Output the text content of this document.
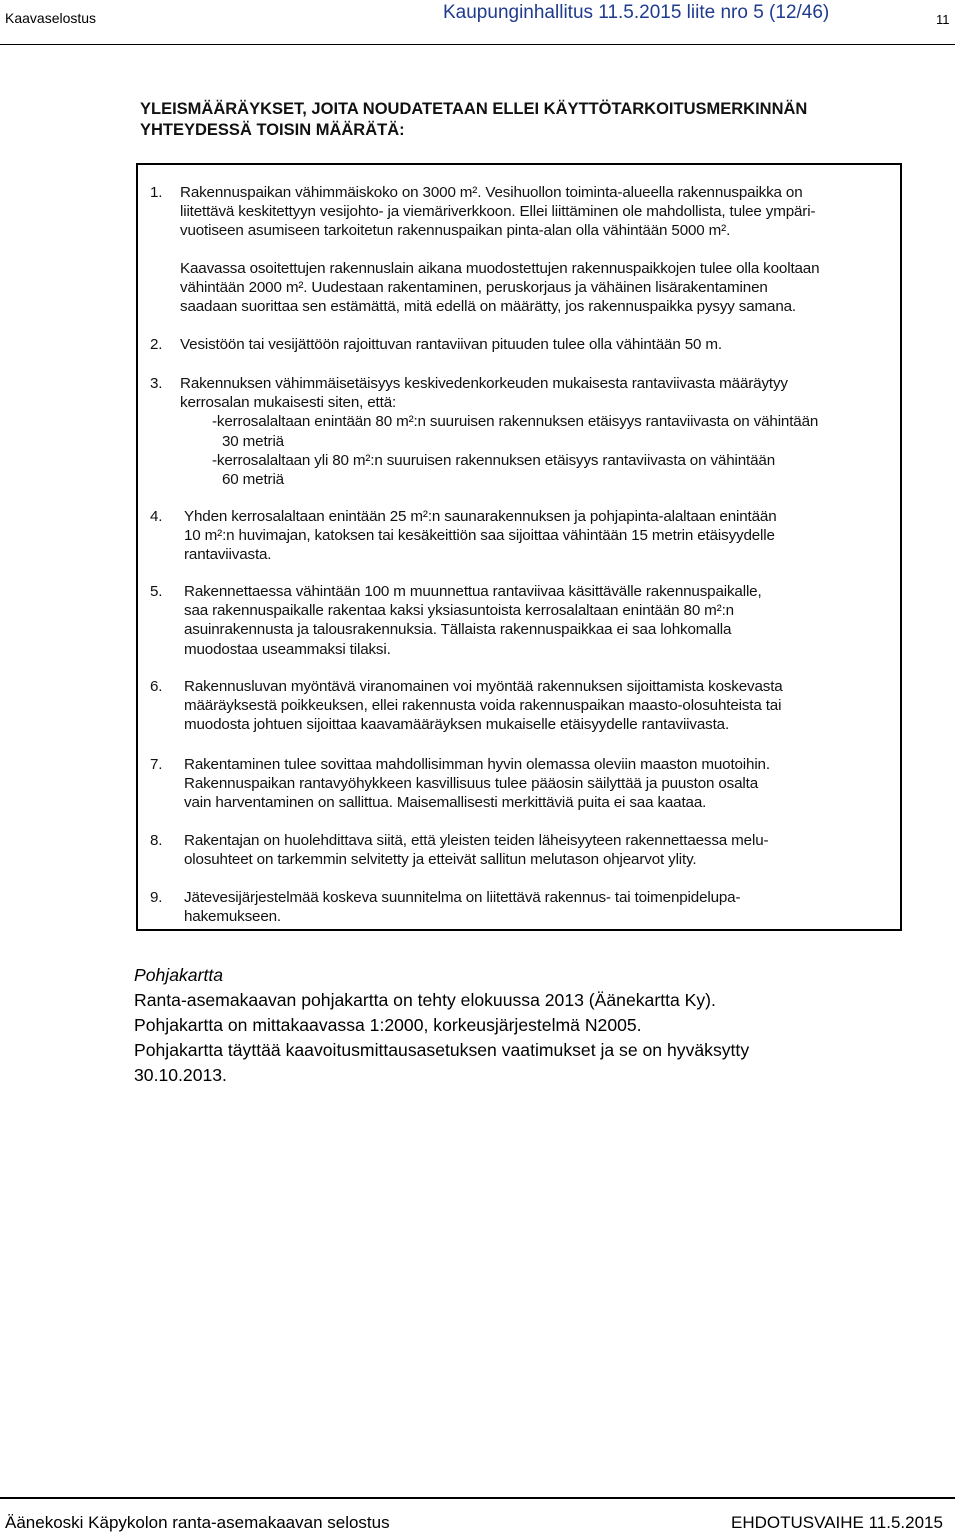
Kaavaselostus	Kaupunginhallitus 11.5.2015 liite nro 5 (12/46)	11
YLEISMÄÄRÄYKSET, JOITA NOUDATETAAN ELLEI KÄYTTÖTARKOITUSMERKINNÄN
YHTEYDESSÄ TOISIN MÄÄRÄTÄ:
1. Rakennuspaikan vähimmäiskoko on 3000 m². Vesihuollon toiminta-alueella rakennuspaikka on
liitettävä keskitettyyn vesijohto- ja viemäriverkkoon. Ellei liittäminen ole mahdollista, tulee ympäri-
vuotiseen asumiseen tarkoitetun rakennuspaikan pinta-alan olla vähintään 5000 m².
Kaavassa osoitettujen rakennuslain aikana muodostettujen rakennuspaikkojen tulee olla kooltaan
vähintään 2000 m². Uudestaan rakentaminen, peruskorjaus ja vähäinen lisärakentaminen
saadaan suorittaa sen estämättä, mitä edellä on määrätty, jos rakennuspaikka pysyy samana.
2. Vesistöön tai vesijättöön rajoittuvan rantaviivan pituuden tulee olla vähintään 50 m.
3. Rakennuksen vähimmäisetäisyys keskivedenkorkeuden mukaisesta rantaviivasta määräytyy
kerrosalan mukaisesti siten, että:
-kerrosalaltaan enintään 80 m²:n suuruisen rakennuksen etäisyys rantaviivasta on vähintään
30 metriä
-kerrosalaltaan yli 80 m²:n suuruisen rakennuksen etäisyys rantaviivasta on vähintään
60 metriä
4. Yhden kerrosalaltaan enintään 25 m²:n saunarakennuksen ja pohjapinta-alaltaan enintään
10 m²:n huvimajan, katoksen tai kesäkeittiön saa sijoittaa vähintään 15 metrin etäisyydelle
rantaviivasta.
5. Rakennettaessa vähintään 100 m muunnettua rantaviivaa käsittävälle rakennuspaikalle,
saa rakennuspaikalle rakentaa kaksi yksiasuntoista kerrosalaltaan enintään 80 m²:n
asuinrakennusta ja talousrakennuksia. Tällaista rakennuspaikkaa ei saa lohkomalla
muodostaa useammaksi tilaksi.
6. Rakennusluvan myöntävä viranomainen voi myöntää rakennuksen sijoittamista koskevasta
määräyksestä poikkeuksen, ellei rakennusta voida rakennuspaikan maasto-olosuhteista tai
muodosta johtuen sijoittaa kaavamääräyksen mukaiselle etäisyydelle rantaviivasta.
7. Rakentaminen tulee sovittaa mahdollisimman hyvin olemassa oleviin maaston muotoihin.
Rakennuspaikan rantavyöhykkeen kasvillisuus tulee pääosin säilyttää ja puuston osalta
vain harventaminen on sallittua. Maisemallisesti merkittäviä puita ei saa kaataa.
8. Rakentajan on huolehdittava siitä, että yleisten teiden läheisyyteen rakennettaessa melu-
olosuhteet on tarkemmin selvitetty ja etteivät sallitun melutason ohjearvot ylity.
9. Jätevesijärjestelmää koskeva suunnitelma on liitettävä rakennus- tai toimenpidelupa-
hakemukseen.
Pohjakartta
Ranta-asemakaavan pohjakartta on tehty elokuussa 2013 (Äänekartta Ky).
Pohjakartta on mittakaavassa 1:2000, korkeusjärjestelmä N2005.
Pohjakartta täyttää kaavoitusmittausasetuksen vaatimukset ja se on hyväksytty
30.10.2013.
Äänekoski Käpykolon ranta-asemakaavan selostus	EHDOTUSVAIHE 11.5.2015
